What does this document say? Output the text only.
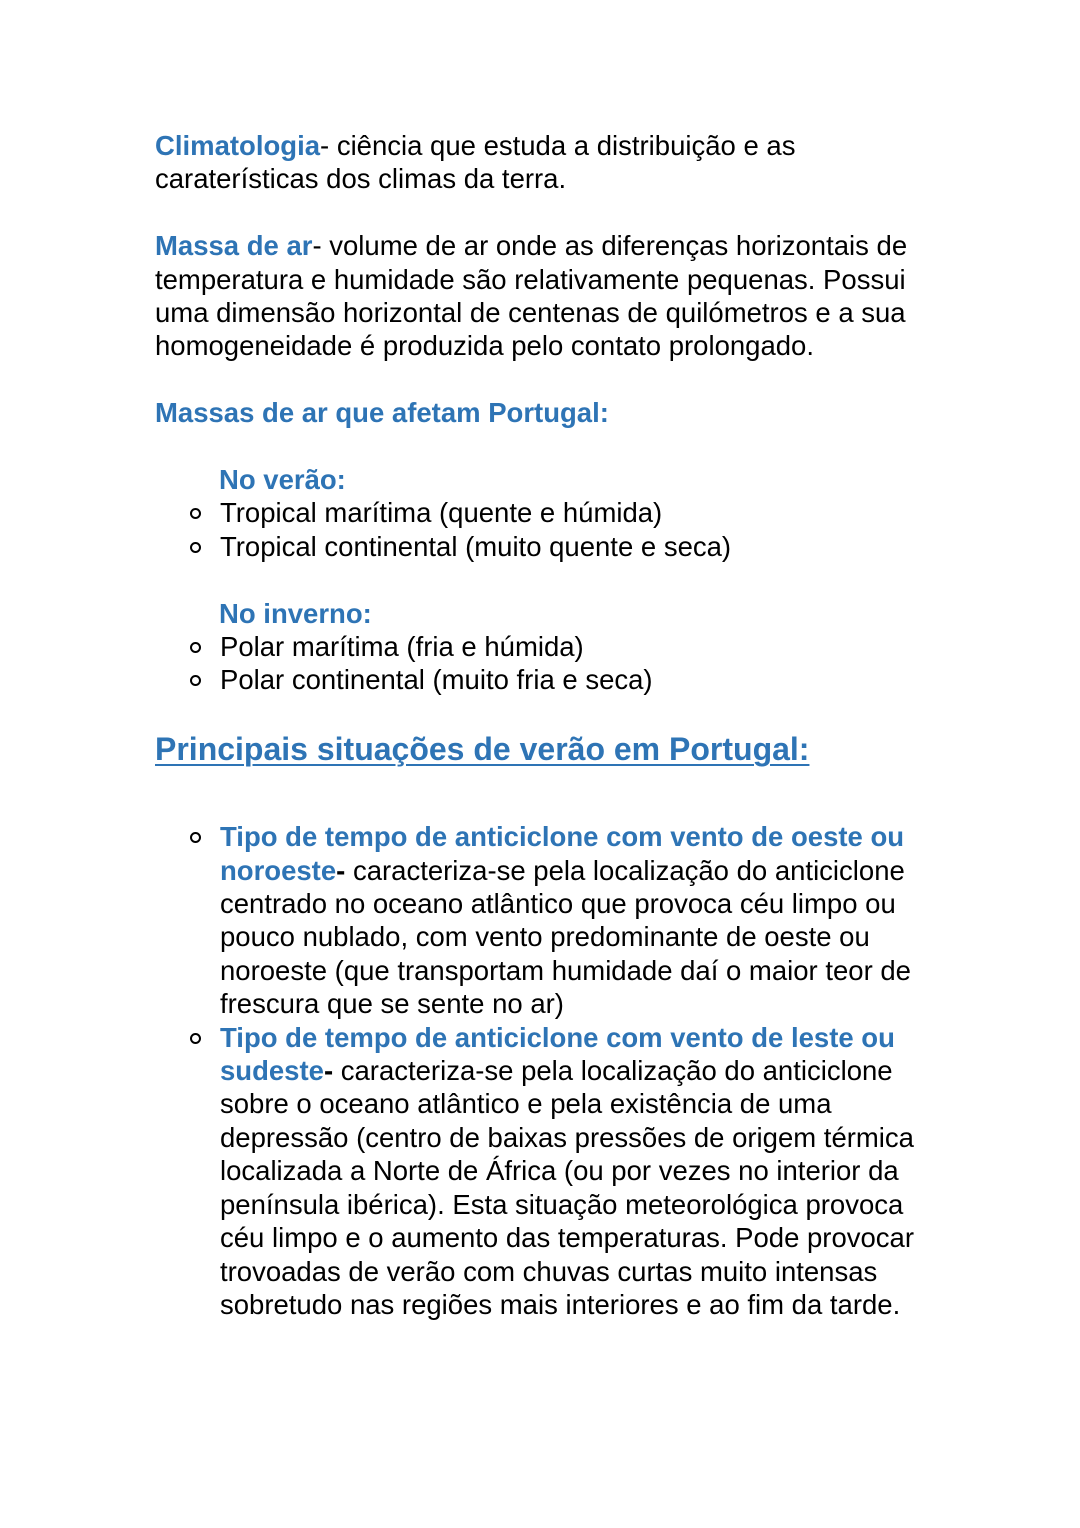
Climatologia- ciência que estuda a distribuição e as caraterísticas dos climas da terra.

Massa de ar- volume de ar onde as diferenças horizontais de temperatura e humidade são relativamente pequenas. Possui uma dimensão horizontal de centenas de quilómetros e a sua homogeneidade é produzida pelo contato prolongado.

Massas de ar que afetam Portugal:

No verão:

Tropical marítima (quente e húmida)
Tropical continental (muito quente e seca)

No inverno:

Polar marítima (fria e húmida)
Polar continental (muito fria e seca)

Principais situações de verão em Portugal:

Tipo de tempo de anticiclone com vento de oeste ou noroeste- caracteriza-se pela localização do anticiclone centrado no oceano atlântico que provoca céu limpo ou pouco nublado, com vento predominante de oeste ou noroeste (que transportam humidade daí o maior teor de frescura que se sente no ar)
Tipo de tempo de anticiclone com vento de leste ou sudeste- caracteriza-se pela localização do anticiclone sobre o oceano atlântico e pela existência de uma depressão (centro de baixas pressões de origem térmica localizada a Norte de África (ou por vezes no interior da península ibérica). Esta situação meteorológica provoca céu limpo e o aumento das temperaturas. Pode provocar trovoadas de verão com chuvas curtas muito intensas sobretudo nas regiões mais interiores e ao fim da tarde.
